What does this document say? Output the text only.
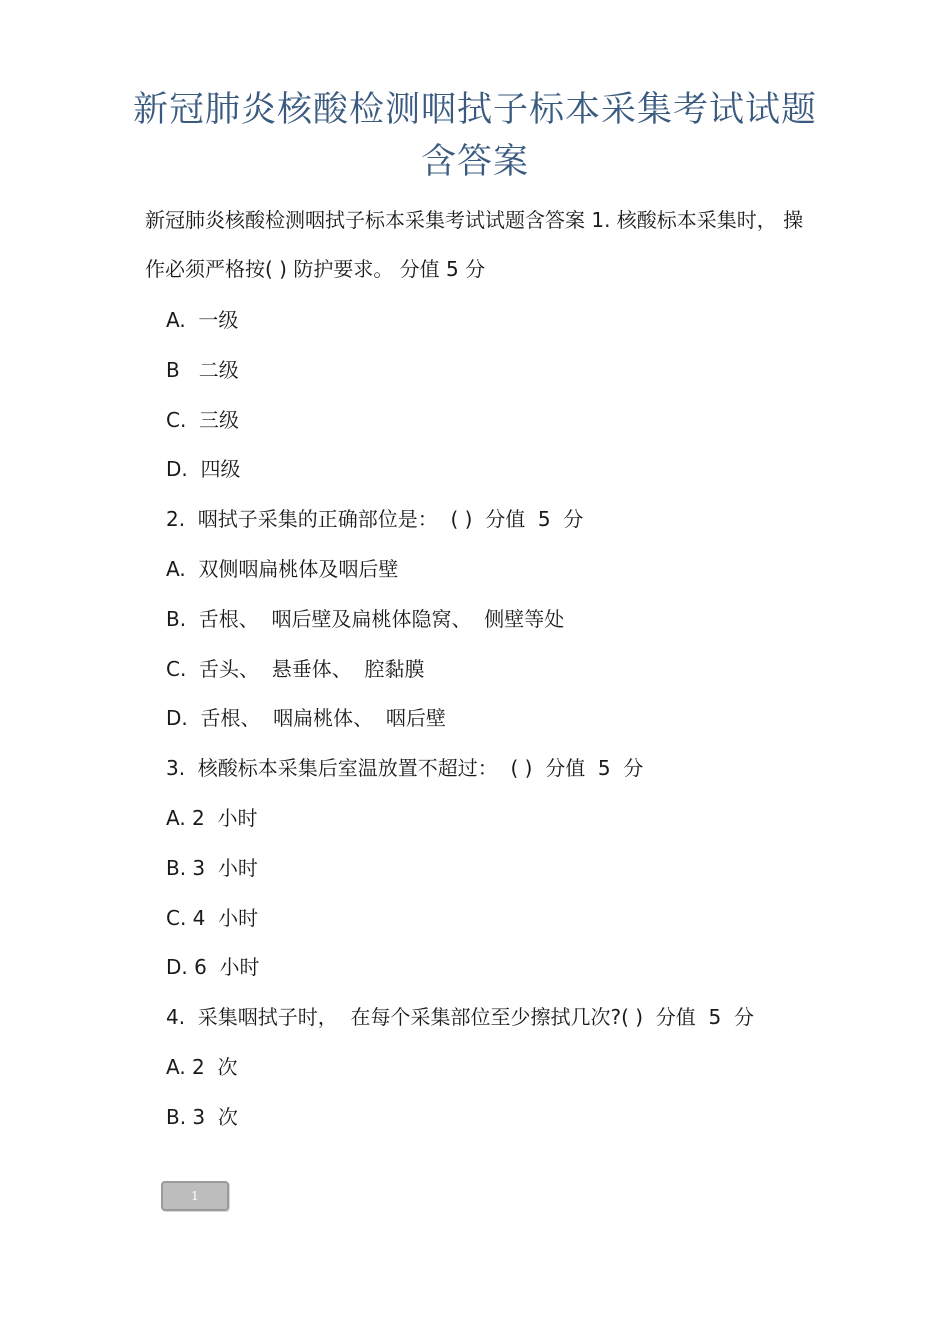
新冠肺炎核酸检测咽拭子标本采集考试试题含答案

新冠肺炎核酸检测咽拭子标本采集考试试题含答案 1. 核酸标本采集时， 操作必须严格按( ) 防护要求。 分值 5 分

A.  一级
B   二级
C.  三级
D.  四级
2.  咽拭子采集的正确部位是：  ( )  分值  5  分
A.  双侧咽扁桃体及咽后壁
B.  舌根、  咽后壁及扁桃体隐窝、  侧壁等处
C.  舌头、  悬垂体、  腔黏膜
D.  舌根、  咽扁桃体、  咽后壁
3.  核酸标本采集后室温放置不超过：  ( )  分值  5  分
A. 2  小时
B. 3  小时
C. 4  小时
D. 6  小时
4.  采集咽拭子时，  在每个采集部位至少擦拭几次?( )  分值  5  分
A. 2  次
B. 3  次
1
